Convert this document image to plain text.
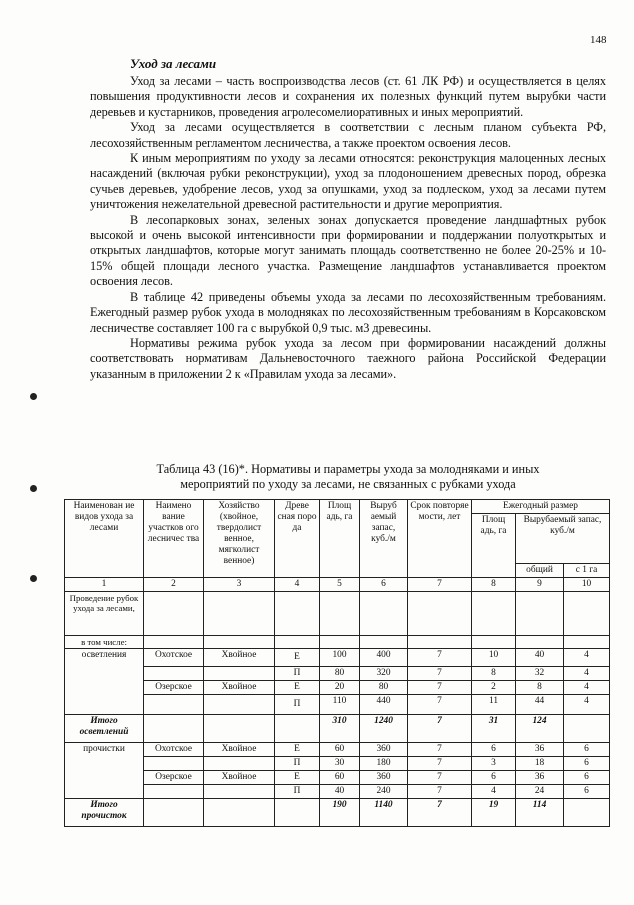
148
Уход за лесами

Уход за лесами – часть воспроизводства лесов (ст. 61 ЛК РФ) и осуществляется в целях повышения продуктивности лесов и сохранения их полезных функций путем вырубки части деревьев и кустарников, проведения агролесомелиоративных и иных мероприятий.

Уход за лесами осуществляется в соответствии с лесным планом субъекта РФ, лесохозяйственным регламентом лесничества, а также проектом освоения лесов.

К иным мероприятиям по уходу за лесами относятся: реконструкция малоценных лесных насаждений (включая рубки реконструкции), уход за плодоношением древесных пород, обрезка сучьев деревьев, удобрение лесов, уход за опушками, уход за подлеском, уход за лесами путем уничтожения нежелательной древесной растительности и другие мероприятия.

В лесопарковых зонах, зеленых зонах допускается проведение ландшафтных рубок высокой и очень высокой интенсивности при формировании и поддержании полуоткрытых и открытых ландшафтов, которые могут занимать площадь соответственно не более 20-25% и 10-15% общей площади лесного участка. Размещение ландшафтов устанавливается проектом освоения лесов.

В таблице 42 приведены объемы ухода за лесами по лесохозяйственным требованиям. Ежегодный размер рубок ухода в молодняках по лесохозяйственным требованиям в Корсаковском лесничестве составляет 100 га с вырубкой 0,9 тыс. м3 древесины.

Нормативы режима рубок ухода за лесом при формировании насаждений должны соответствовать нормативам Дальневосточного таежного района Российской Федерации указанным в приложении 2 к «Правилам ухода за лесами».

Таблица 43 (16)*. Нормативы и параметры ухода за молодняками и иных
мероприятий по уходу за лесами, не связанных с рубками ухода
Наименован ие видов ухода за лесами	Наимено вание участков ого лесничес тва	Хозяйство (хвойное, твердолист венное, мягколист венное)	Древе сная поро да	Площ адь, га	Выруб аемый запас, куб./м	Срок повторяе мости, лет	Ежегодный размер		
							Площ адь, га	Вырубаемый запас, куб./м	
								общий	с 1 га
1	2	3	4	5	6	7	8	9	10
Проведение рубок ухода за лесами,									
в том числе:									
осветления	Охотское	Хвойное	Е	100	400	7	10	40	4
			П	80	320	7	8	32	4
	Озерское	Хвойное	Е	20	80	7	2	8	4
			П	110	440	7	11	44	4
Итого осветлений				310	1240	7	31	124	
прочистки	Охотское	Хвойное	Е	60	360	7	6	36	6
			П	30	180	7	3	18	6
	Озерское	Хвойное	Е	60	360	7	6	36	6
			П	40	240	7	4	24	6
Итого прочисток				190	1140	7	19	114	
